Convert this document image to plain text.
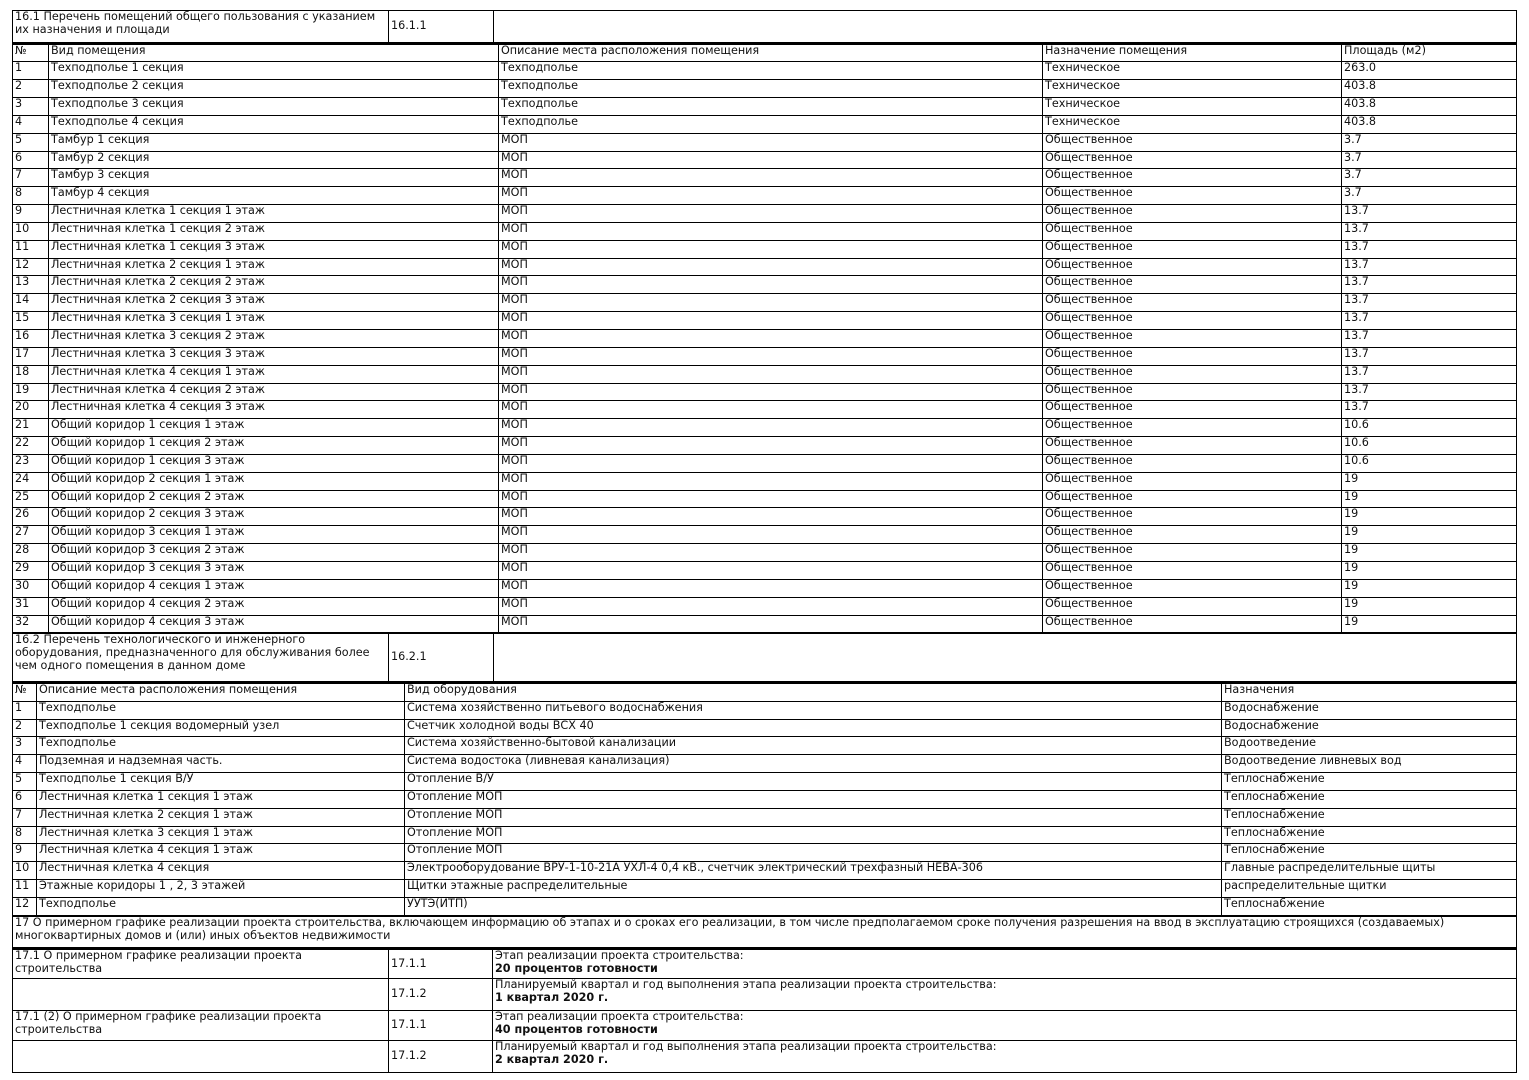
16.1 Перечень помещений общего пользования с указанием их назначения и площади	16.1.1	
№	Вид помещения	Описание места расположения помещения	Назначение помещения	Площадь (м2)
1	Техподполье 1 секция	Техподполье	Техническое	263.0
2	Техподполье 2 секция	Техподполье	Техническое	403.8
3	Техподполье 3 секция	Техподполье	Техническое	403.8
4	Техподполье 4 секция	Техподполье	Техническое	403.8
5	Тамбур 1 секция	МОП	Общественное	3.7
6	Тамбур 2 секция	МОП	Общественное	3.7
7	Тамбур 3 секция	МОП	Общественное	3.7
8	Тамбур 4 секция	МОП	Общественное	3.7
9	Лестничная клетка 1 секция 1 этаж	МОП	Общественное	13.7
10	Лестничная клетка 1 секция 2 этаж	МОП	Общественное	13.7
11	Лестничная клетка 1 секция 3 этаж	МОП	Общественное	13.7
12	Лестничная клетка 2 секция 1 этаж	МОП	Общественное	13.7
13	Лестничная клетка 2 секция 2 этаж	МОП	Общественное	13.7
14	Лестничная клетка 2 секция 3 этаж	МОП	Общественное	13.7
15	Лестничная клетка 3 секция 1 этаж	МОП	Общественное	13.7
16	Лестничная клетка 3 секция 2 этаж	МОП	Общественное	13.7
17	Лестничная клетка 3 секция 3 этаж	МОП	Общественное	13.7
18	Лестничная клетка 4 секция 1 этаж	МОП	Общественное	13.7
19	Лестничная клетка 4 секция 2 этаж	МОП	Общественное	13.7
20	Лестничная клетка 4 секция 3 этаж	МОП	Общественное	13.7
21	Общий коридор 1 секция 1 этаж	МОП	Общественное	10.6
22	Общий коридор 1 секция 2 этаж	МОП	Общественное	10.6
23	Общий коридор 1 секция 3 этаж	МОП	Общественное	10.6
24	Общий коридор 2 секция 1 этаж	МОП	Общественное	19
25	Общий коридор 2 секция 2 этаж	МОП	Общественное	19
26	Общий коридор 2 секция 3 этаж	МОП	Общественное	19
27	Общий коридор 3 секция 1 этаж	МОП	Общественное	19
28	Общий коридор 3 секция 2 этаж	МОП	Общественное	19
29	Общий коридор 3 секция 3 этаж	МОП	Общественное	19
30	Общий коридор 4 секция 1 этаж	МОП	Общественное	19
31	Общий коридор 4 секция 2 этаж	МОП	Общественное	19
32	Общий коридор 4 секция 3 этаж	МОП	Общественное	19
16.2 Перечень технологического и инженерного оборудования, предназначенного для обслуживания более чем одного помещения в данном доме	16.2.1	
№	Описание места расположения помещения	Вид оборудования	Назначения
1	Техподполье	Система хозяйственно питьевого водоснабжения	Водоснабжение
2	Техподполье 1 секция водомерный узел	Счетчик холодной воды ВСХ 40	Водоснабжение
3	Техподполье	Система хозяйственно-бытовой канализации	Водоотведение
4	Подземная и надземная часть.	Система водостока (ливневая канализация)	Водоотведение ливневых вод
5	Техподполье 1 секция В/У	Отопление В/У	Теплоснабжение
6	Лестничная клетка 1 секция 1 этаж	Отопление МОП	Теплоснабжение
7	Лестничная клетка 2 секция 1 этаж	Отопление МОП	Теплоснабжение
8	Лестничная клетка 3 секция 1 этаж	Отопление МОП	Теплоснабжение
9	Лестничная клетка 4 секция 1 этаж	Отопление МОП	Теплоснабжение
10	Лестничная клетка 4 секция	Электрооборудование ВРУ-1-10-21А УХЛ-4 0,4 кВ., счетчик электрический трехфазный НЕВА-306	Главные распределительные щиты
11	Этажные коридоры 1 , 2, 3 этажей	Щитки этажные распределительные	распределительные щитки
12	Техподполье	УУТЭ(ИТП)	Теплоснабжение
17 О примерном графике реализации проекта строительства, включающем информацию об этапах и о сроках его реализации, в том числе предполагаемом сроке получения разрешения на ввод в эксплуатацию строящихся (создаваемых) многоквартирных домов и (или) иных объектов недвижимости
17.1 О примерном графике реализации проекта строительства	17.1.1	Этап реализации проекта строительства:
20 процентов готовности
	17.1.2	Планируемый квартал и год выполнения этапа реализации проекта строительства:
1 квартал 2020 г.
17.1 (2) О примерном графике реализации проекта строительства	17.1.1	Этап реализации проекта строительства:
40 процентов готовности
	17.1.2	Планируемый квартал и год выполнения этапа реализации проекта строительства:
2 квартал 2020 г.
